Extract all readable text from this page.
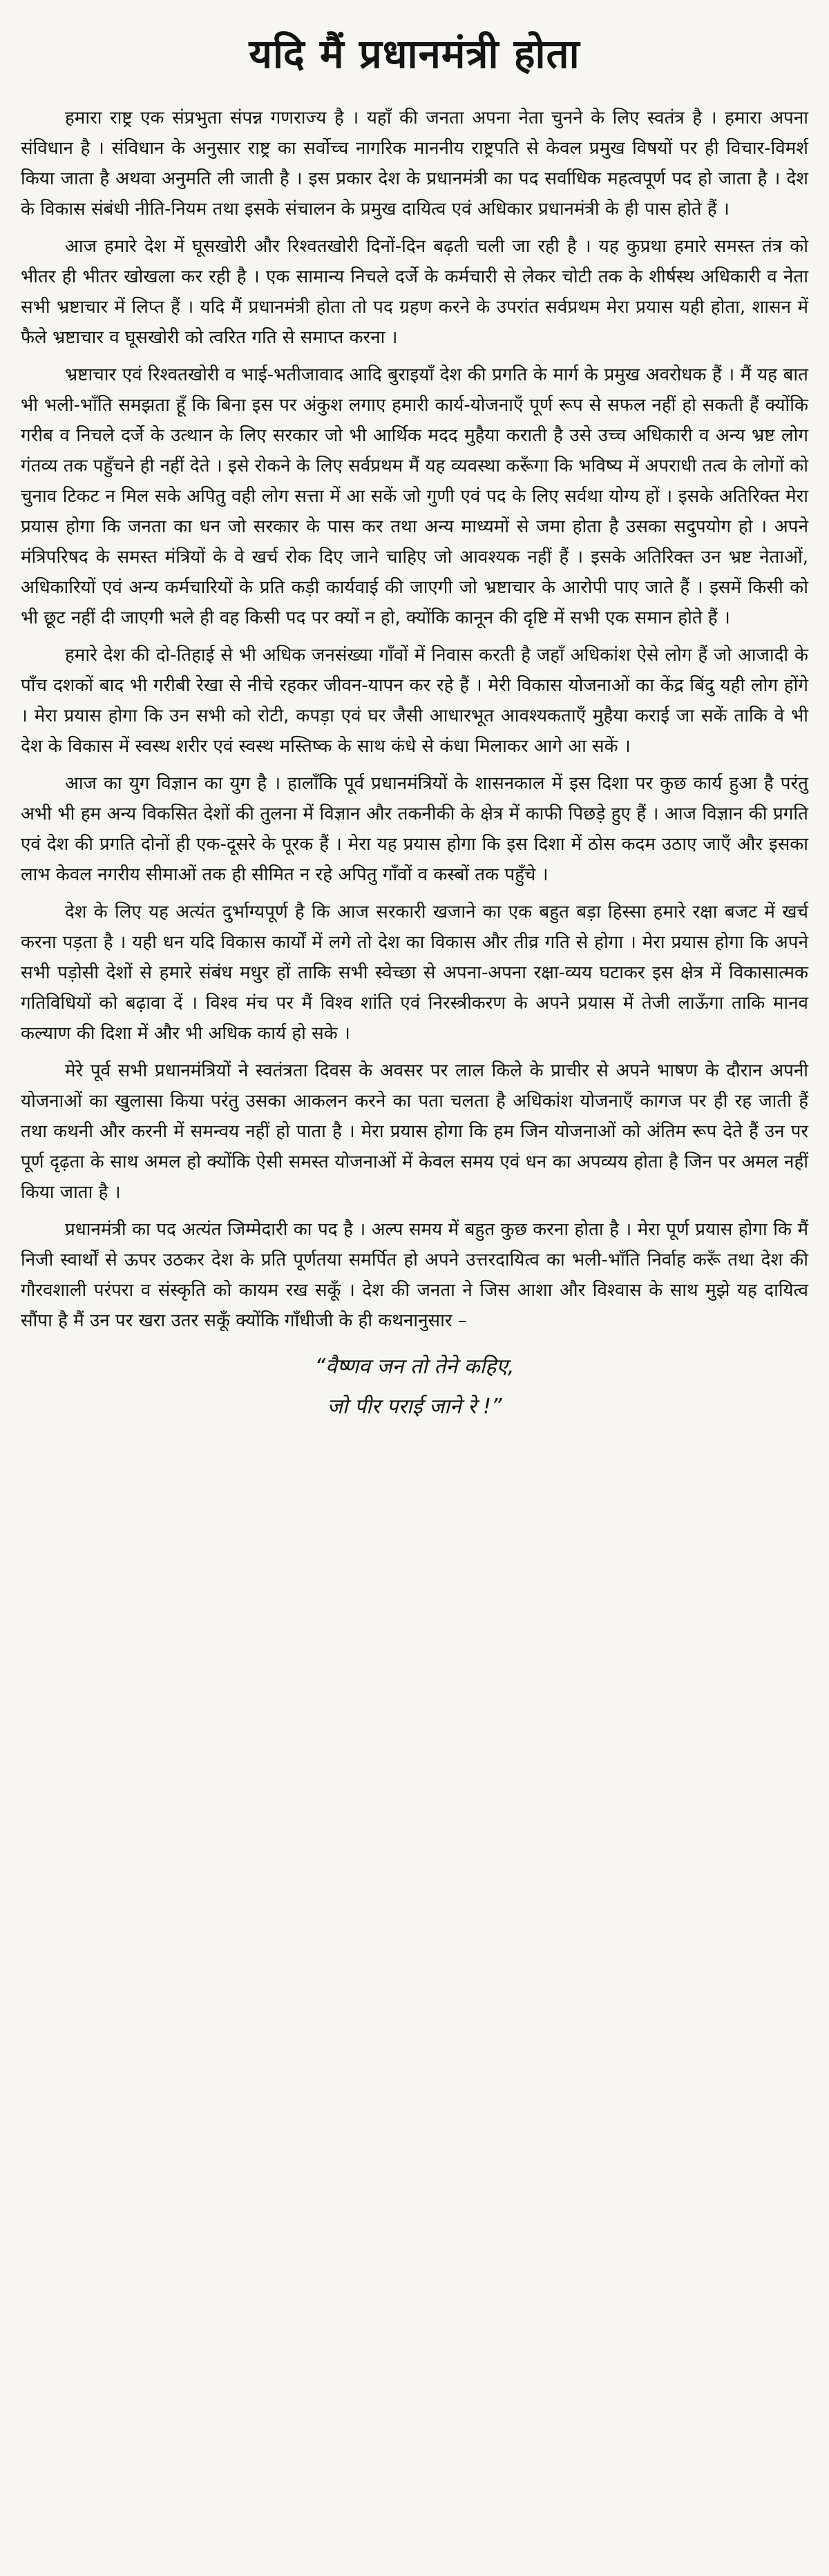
यदि मैं प्रधानमंत्री होता

हमारा राष्ट्र एक संप्रभुता संपन्न गणराज्य है । यहाँ की जनता अपना नेता चुनने के लिए स्वतंत्र है । हमारा अपना संविधान है । संविधान के अनुसार राष्ट्र का सर्वोच्च नागरिक माननीय राष्ट्रपति से केवल प्रमुख विषयों पर ही विचार-विमर्श किया जाता है अथवा अनुमति ली जाती है । इस प्रकार देश के प्रधानमंत्री का पद सर्वाधिक महत्वपूर्ण पद हो जाता है । देश के विकास संबंधी नीति-नियम तथा इसके संचालन के प्रमुख दायित्व एवं अधिकार प्रधानमंत्री के ही पास होते हैं ।

आज हमारे देश में घूसखोरी और रिश्वतखोरी दिनों-दिन बढ़ती चली जा रही है । यह कुप्रथा हमारे समस्त तंत्र को भीतर ही भीतर खोखला कर रही है । एक सामान्य निचले दर्जे के कर्मचारी से लेकर चोटी तक के शीर्षस्थ अधिकारी व नेता सभी भ्रष्टाचार में लिप्त हैं । यदि मैं प्रधानमंत्री होता तो पद ग्रहण करने के उपरांत सर्वप्रथम मेरा प्रयास यही होता, शासन में फैले भ्रष्टाचार व घूसखोरी को त्वरित गति से समाप्त करना ।

भ्रष्टाचार एवं रिश्वतखोरी व भाई-भतीजावाद आदि बुराइयाँ देश की प्रगति के मार्ग के प्रमुख अवरोधक हैं । मैं यह बात भी भली-भाँति समझता हूँ कि बिना इस पर अंकुश लगाए हमारी कार्य-योजनाएँ पूर्ण रूप से सफल नहीं हो सकती हैं क्योंकि गरीब व निचले दर्जे के उत्थान के लिए सरकार जो भी आर्थिक मदद मुहैया कराती है उसे उच्च अधिकारी व अन्य भ्रष्ट लोग गंतव्य तक पहुँचने ही नहीं देते । इसे रोकने के लिए सर्वप्रथम मैं यह व्यवस्था करूँगा कि भविष्य में अपराधी तत्व के लोगों को चुनाव टिकट न मिल सके अपितु वही लोग सत्ता में आ सकें जो गुणी एवं पद के लिए सर्वथा योग्य हों । इसके अतिरिक्त मेरा प्रयास होगा कि जनता का धन जो सरकार के पास कर तथा अन्य माध्यमों से जमा होता है उसका सदुपयोग हो । अपने मंत्रिपरिषद के समस्त मंत्रियों के वे खर्च रोक दिए जाने चाहिए जो आवश्यक नहीं हैं । इसके अतिरिक्त उन भ्रष्ट नेताओं, अधिकारियों एवं अन्य कर्मचारियों के प्रति कड़ी कार्यवाई की जाएगी जो भ्रष्टाचार के आरोपी पाए जाते हैं । इसमें किसी को भी छूट नहीं दी जाएगी भले ही वह किसी पद पर क्यों न हो, क्योंकि कानून की दृष्टि में सभी एक समान होते हैं ।

हमारे देश की दो-तिहाई से भी अधिक जनसंख्या गाँवों में निवास करती है जहाँ अधिकांश ऐसे लोग हैं जो आजादी के पाँच दशकों बाद भी गरीबी रेखा से नीचे रहकर जीवन-यापन कर रहे हैं । मेरी विकास योजनाओं का केंद्र बिंदु यही लोग होंगे । मेरा प्रयास होगा कि उन सभी को रोटी, कपड़ा एवं घर जैसी आधारभूत आवश्यकताएँ मुहैया कराई जा सकें ताकि वे भी देश के विकास में स्वस्थ शरीर एवं स्वस्थ मस्तिष्क के साथ कंधे से कंधा मिलाकर आगे आ सकें ।

आज का युग विज्ञान का युग है । हालाँकि पूर्व प्रधानमंत्रियों के शासनकाल में इस दिशा पर कुछ कार्य हुआ है परंतु अभी भी हम अन्य विकसित देशों की तुलना में विज्ञान और तकनीकी के क्षेत्र में काफी पिछड़े हुए हैं । आज विज्ञान की प्रगति एवं देश की प्रगति दोनों ही एक-दूसरे के पूरक हैं । मेरा यह प्रयास होगा कि इस दिशा में ठोस कदम उठाए जाएँ और इसका लाभ केवल नगरीय सीमाओं तक ही सीमित न रहे अपितु गाँवों व कस्बों तक पहुँचे ।

देश के लिए यह अत्यंत दुर्भाग्यपूर्ण है कि आज सरकारी खजाने का एक बहुत बड़ा हिस्सा हमारे रक्षा बजट में खर्च करना पड़ता है । यही धन यदि विकास कार्यों में लगे तो देश का विकास और तीव्र गति से होगा । मेरा प्रयास होगा कि अपने सभी पड़ोसी देशों से हमारे संबंध मधुर हों ताकि सभी स्वेच्छा से अपना-अपना रक्षा-व्यय घटाकर इस क्षेत्र में विकासात्मक गतिविधियों को बढ़ावा दें । विश्व मंच पर मैं विश्व शांति एवं निरस्त्रीकरण के अपने प्रयास में तेजी लाऊँगा ताकि मानव कल्याण की दिशा में और भी अधिक कार्य हो सके ।

मेरे पूर्व सभी प्रधानमंत्रियों ने स्वतंत्रता दिवस के अवसर पर लाल किले के प्राचीर से अपने भाषण के दौरान अपनी योजनाओं का खुलासा किया परंतु उसका आकलन करने का पता चलता है अधिकांश योजनाएँ कागज पर ही रह जाती हैं तथा कथनी और करनी में समन्वय नहीं हो पाता है । मेरा प्रयास होगा कि हम जिन योजनाओं को अंतिम रूप देते हैं उन पर पूर्ण दृढ़ता के साथ अमल हो क्योंकि ऐसी समस्त योजनाओं में केवल समय एवं धन का अपव्यय होता है जिन पर अमल नहीं किया जाता है ।

प्रधानमंत्री का पद अत्यंत जिम्मेदारी का पद है । अल्प समय में बहुत कुछ करना होता है । मेरा पूर्ण प्रयास होगा कि मैं निजी स्वार्थों से ऊपर उठकर देश के प्रति पूर्णतया समर्पित हो अपने उत्तरदायित्व का भली-भाँति निर्वाह करूँ तथा देश की गौरवशाली परंपरा व संस्कृति को कायम रख सकूँ । देश की जनता ने जिस आशा और विश्वास के साथ मुझे यह दायित्व सौंपा है मैं उन पर खरा उतर सकूँ क्योंकि गाँधीजी के ही कथनानुसार –

“वैष्णव जन तो तेने कहिए,
जो पीर पराई जाने रे !”
